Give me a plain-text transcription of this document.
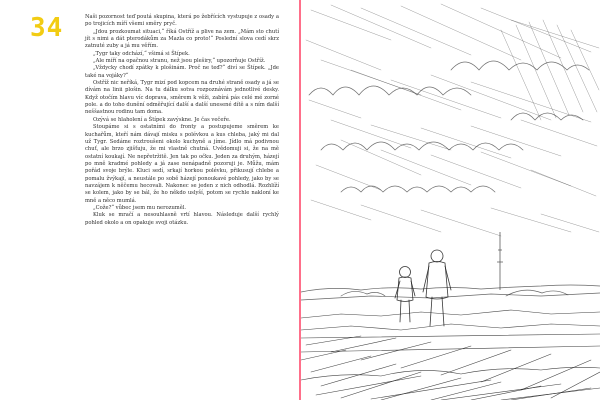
34	Naši pozornost teď poutá skupina, která po žebřících vystupuje z osady a po trojicích míří všemi směry pryč.

„Jdou prozkoumat situaci,“ říká Ostříž a plive na zem. „Mám sto chutí jít s nimi a dát pterodákům za Mazla co proto!“ Poslední slova cedí skrz zatnuté zuby a já mu věřím.

„Tygr taky odchází,“ všimá si Štípek.

„Ale míří na opačnou stranu, než jsou pleširy,“ upozorňuje Ostříž.

„Vždycky chodí zpátky k plošinám. Proč ne teď?“ diví se Štípek. „Jde také na vojáky?“

Ostříž nic neříká, Tygr mizí pod kopcem na druhé straně osady a já se dívám na linii plošin. Na tu dálku sotva rozpoznávám jednotlivé desky. Když otočím hlavu víc doprava, směrem k věži, zabírá pás celé mé zorné pole. a do toho dunění odměřující další a další unesené dítě a s ním další neššastnou rodinu tam doma.

Ozývá se hlaholení a Štípek zavýskne. Je čas večeře.

Stoupáme si s ostatními do fronty a postupujeme směrem ke kuchařům, kteří nám dávají misku s polévkou a kus chleba, jaký mi dal už Tygr. Sedáme roztroušeni okolo kuchyně a jíme. Jídlo má podivnou chuť, ale brzo zjišťuju, že mi vlastně chutná. Uvědomuji si, že na mě ostatní koukají. Ne nepřetržitě. Jen tak po očku. Jeden za druhým, házejí po mně kradmé pohledy a já zase nenápadně pozoruji je. Můžu, mám pořád svoje brýle. Kluci sedí, srkají horkou polévku, přikusují chlebe a pomalu žvýkají, a neustále po sobě házejí ponoukavé pohledy, jako by se navzájem k něčemu hecovali. Nakonec se jeden z nich odhodlá. Rozhlíží se kolem, jako by se bál, že ho někdo uslyší, potom se rychle nakloní ke mně a něco mumlá.

„Cože?“ vůbec jsem mu nerozuměl.

Kluk se mračí a nesouhlasně vrtí hlavou. Následuje další rychlý pohled okolo a on opakuje svoji otázku.
